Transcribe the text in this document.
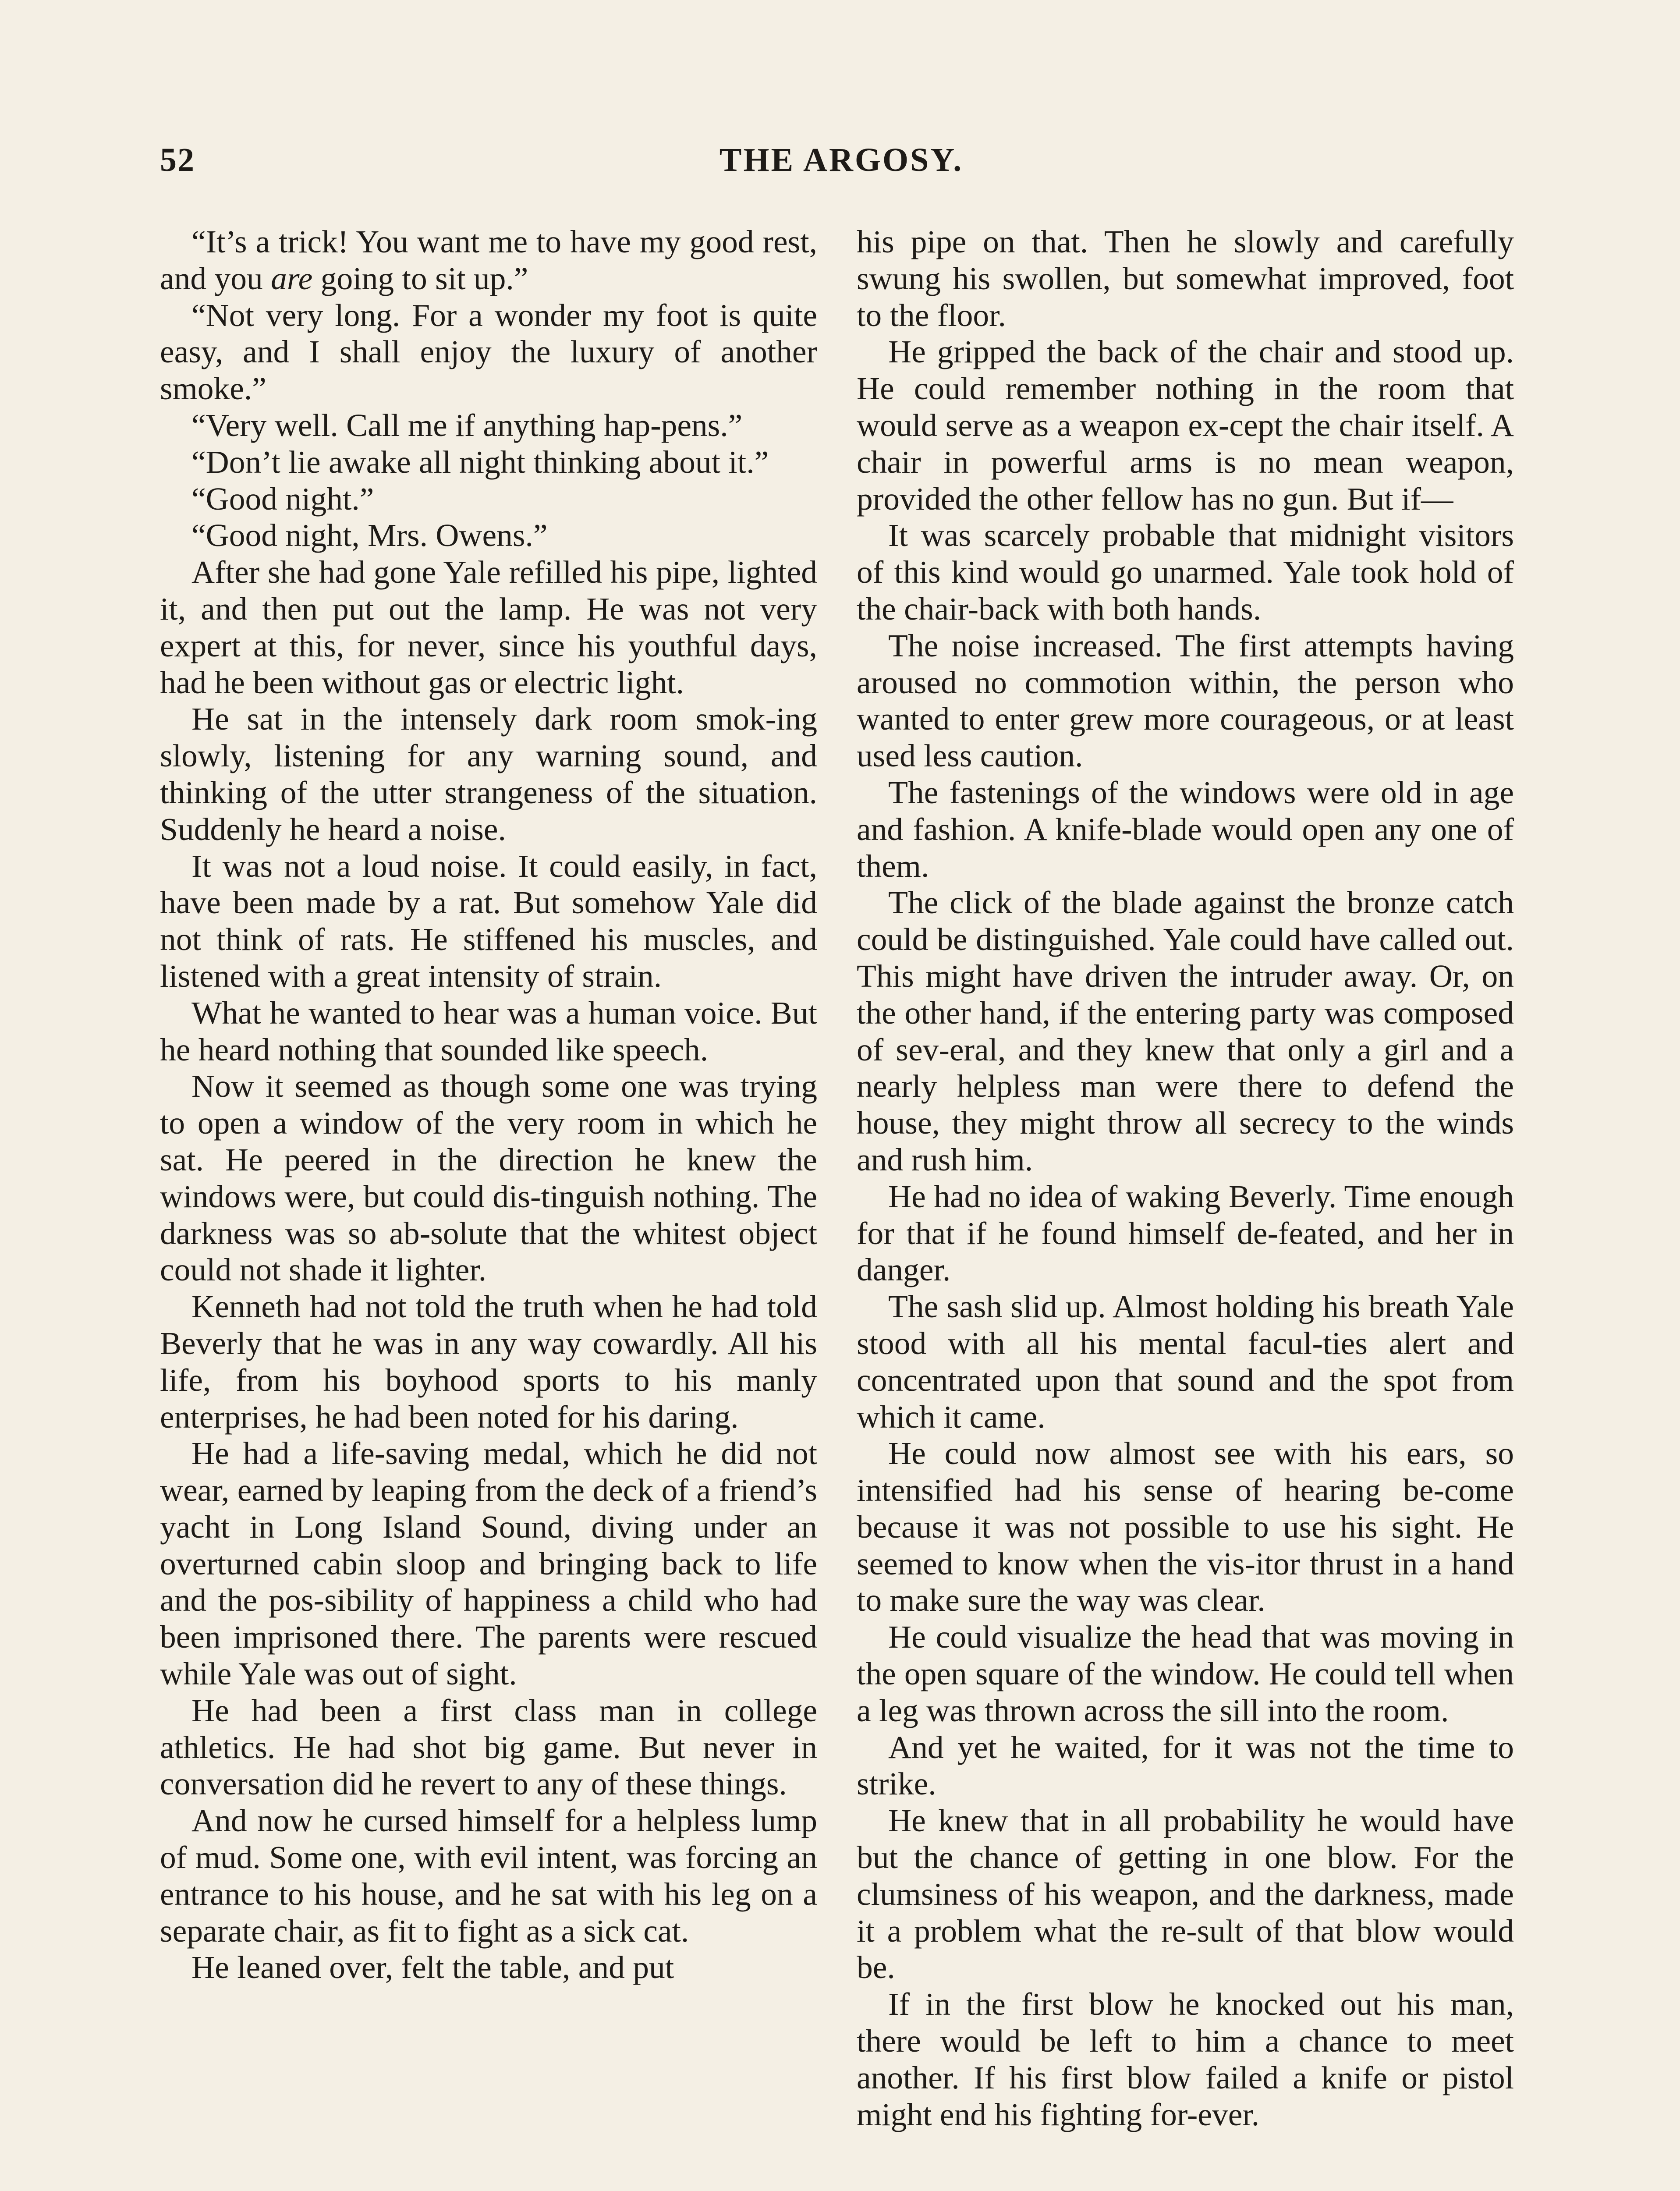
52	THE ARGOSY.

“It’s a trick! You want me to have my good rest, and you are going to sit up.”

“Not very long. For a wonder my foot is quite easy, and I shall enjoy the luxury of another smoke.”

“Very well. Call me if anything hap-pens.”

“Don’t lie awake all night thinking about it.”

“Good night.”

“Good night, Mrs. Owens.”

After she had gone Yale refilled his pipe, lighted it, and then put out the lamp. He was not very expert at this, for never, since his youthful days, had he been without gas or electric light.

He sat in the intensely dark room smok-ing slowly, listening for any warning sound, and thinking of the utter strangeness of the situation. Suddenly he heard a noise.

It was not a loud noise. It could easily, in fact, have been made by a rat. But somehow Yale did not think of rats. He stiffened his muscles, and listened with a great intensity of strain.

What he wanted to hear was a human voice. But he heard nothing that sounded like speech.

Now it seemed as though some one was trying to open a window of the very room in which he sat. He peered in the direction he knew the windows were, but could dis-tinguish nothing. The darkness was so ab-solute that the whitest object could not shade it lighter.

Kenneth had not told the truth when he had told Beverly that he was in any way cowardly. All his life, from his boyhood sports to his manly enterprises, he had been noted for his daring.

He had a life-saving medal, which he did not wear, earned by leaping from the deck of a friend’s yacht in Long Island Sound, diving under an overturned cabin sloop and bringing back to life and the pos-sibility of happiness a child who had been imprisoned there. The parents were rescued while Yale was out of sight.

He had been a first class man in college athletics. He had shot big game. But never in conversation did he revert to any of these things.

And now he cursed himself for a helpless lump of mud. Some one, with evil intent, was forcing an entrance to his house, and he sat with his leg on a separate chair, as fit to fight as a sick cat.

He leaned over, felt the table, and put

his pipe on that. Then he slowly and carefully swung his swollen, but somewhat improved, foot to the floor.

He gripped the back of the chair and stood up. He could remember nothing in the room that would serve as a weapon ex-cept the chair itself. A chair in powerful arms is no mean weapon, provided the other fellow has no gun. But if—

It was scarcely probable that midnight visitors of this kind would go unarmed. Yale took hold of the chair-back with both hands.

The noise increased. The first attempts having aroused no commotion within, the person who wanted to enter grew more courageous, or at least used less caution.

The fastenings of the windows were old in age and fashion. A knife-blade would open any one of them.

The click of the blade against the bronze catch could be distinguished. Yale could have called out. This might have driven the intruder away. Or, on the other hand, if the entering party was composed of sev-eral, and they knew that only a girl and a nearly helpless man were there to defend the house, they might throw all secrecy to the winds and rush him.

He had no idea of waking Beverly. Time enough for that if he found himself de-feated, and her in danger.

The sash slid up. Almost holding his breath Yale stood with all his mental facul-ties alert and concentrated upon that sound and the spot from which it came.

He could now almost see with his ears, so intensified had his sense of hearing be-come because it was not possible to use his sight. He seemed to know when the vis-itor thrust in a hand to make sure the way was clear.

He could visualize the head that was moving in the open square of the window. He could tell when a leg was thrown across the sill into the room.

And yet he waited, for it was not the time to strike.

He knew that in all probability he would have but the chance of getting in one blow. For the clumsiness of his weapon, and the darkness, made it a problem what the re-sult of that blow would be.

If in the first blow he knocked out his man, there would be left to him a chance to meet another. If his first blow failed a knife or pistol might end his fighting for-ever.
